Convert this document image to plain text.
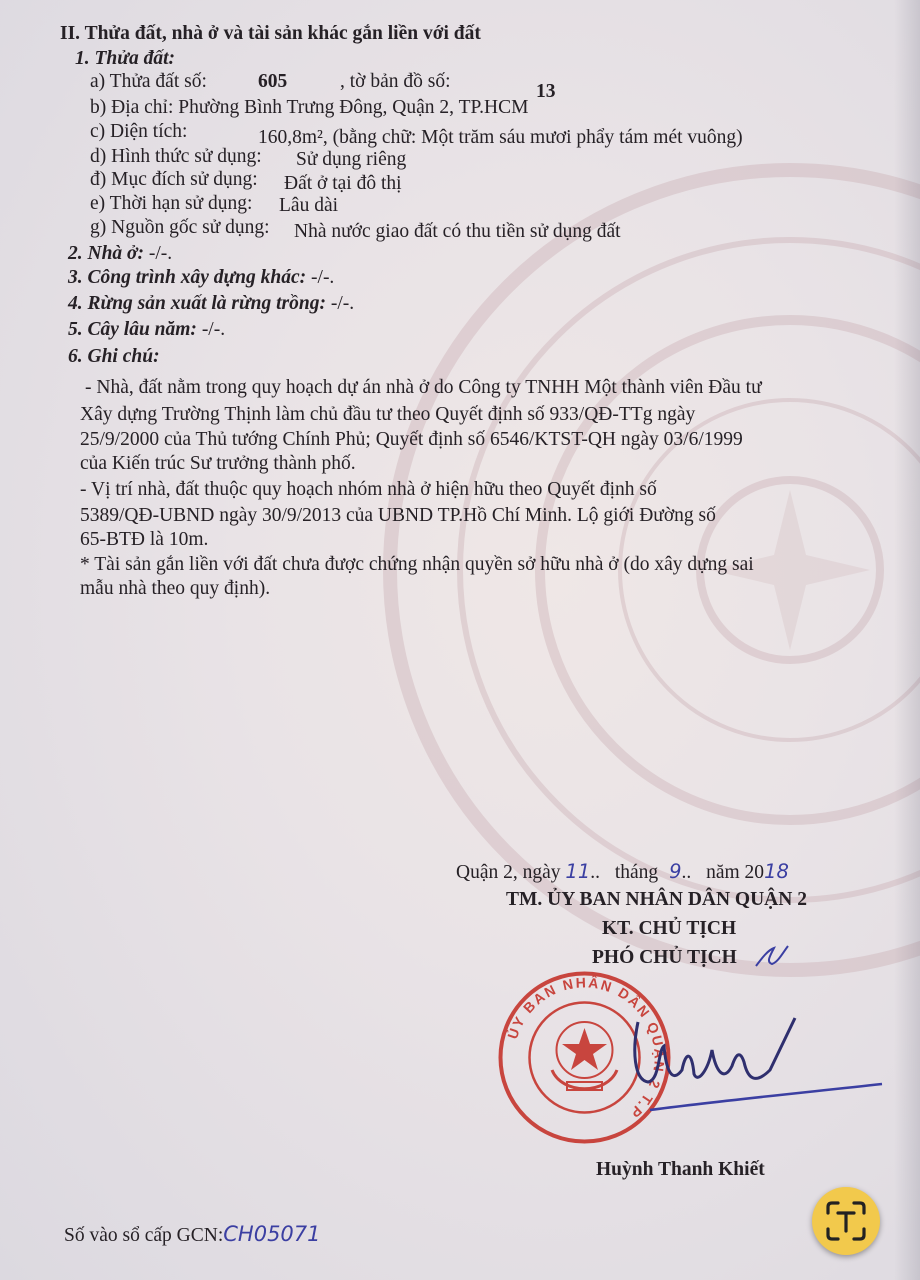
II. Thửa đất, nhà ở và tài sản khác gắn liền với đất
1. Thửa đất:
a) Thửa đất số:	605	, tờ bản đồ số:	13
b) Địa chỉ: Phường Bình Trưng Đông, Quận 2, TP.HCM
c) Diện tích:	160,8m², (bằng chữ: Một trăm sáu mươi phẩy tám mét vuông)
d) Hình thức sử dụng: Sử dụng riêng
đ) Mục đích sử dụng: Đất ở tại đô thị
e) Thời hạn sử dụng: Lâu dài
g) Nguồn gốc sử dụng: Nhà nước giao đất có thu tiền sử dụng đất
2. Nhà ở: -/-.
3. Công trình xây dựng khác: -/-.
4. Rừng sản xuất là rừng trồng: -/-.
5. Cây lâu năm: -/-.
6. Ghi chú:
- Nhà, đất nằm trong quy hoạch dự án nhà ở do Công ty TNHH Một thành viên Đầu tư
Xây dựng Trường Thịnh làm chủ đầu tư theo Quyết định số 933/QĐ-TTg ngày
25/9/2000 của Thủ tướng Chính Phủ; Quyết định số 6546/KTST-QH ngày 03/6/1999
của Kiến trúc Sư trưởng thành phố.
- Vị trí nhà, đất thuộc quy hoạch nhóm nhà ở hiện hữu theo Quyết định số
5389/QĐ-UBND ngày 30/9/2013 của UBND TP.Hồ Chí Minh. Lộ giới Đường số
65-BTĐ là 10m.
* Tài sản gắn liền với đất chưa được chứng nhận quyền sở hữu nhà ở (do xây dựng sai
mẫu nhà theo quy định).
Quận 2, ngày 11.. tháng 9.. năm 2018
TM. ỦY BAN NHÂN DÂN QUẬN 2
KT. CHỦ TỊCH
PHÓ CHỦ TỊCH
ỦY BAN NHÂN DÂN QUẬN 2 T.P
Huỳnh Thanh Khiết
Số vào sổ cấp GCN:CH05071
